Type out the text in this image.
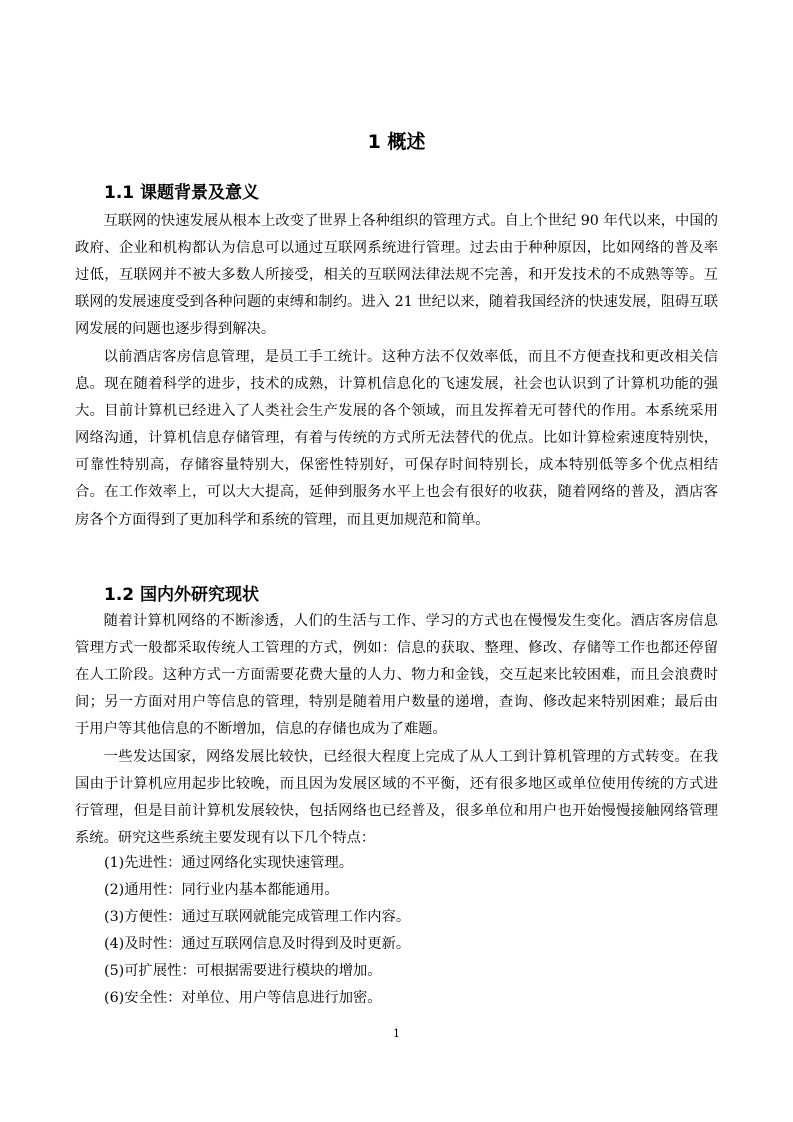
1 概述
1.1 课题背景及意义

互联网的快速发展从根本上改变了世界上各种组织的管理方式。自上个世纪 90 年代以来，中国的政府、企业和机构都认为信息可以通过互联网系统进行管理。过去由于种种原因，比如网络的普及率过低，互联网并不被大多数人所接受，相关的互联网法律法规不完善，和开发技术的不成熟等等。互联网的发展速度受到各种问题的束缚和制约。进入 21 世纪以来，随着我国经济的快速发展，阻碍互联网发展的问题也逐步得到解决。

以前酒店客房信息管理，是员工手工统计。这种方法不仅效率低，而且不方便查找和更改相关信息。现在随着科学的进步，技术的成熟，计算机信息化的飞速发展，社会也认识到了计算机功能的强大。目前计算机已经进入了人类社会生产发展的各个领域，而且发挥着无可替代的作用。本系统采用网络沟通，计算机信息存储管理，有着与传统的方式所无法替代的优点。比如计算检索速度特别快，可靠性特别高，存储容量特别大，保密性特别好，可保存时间特别长，成本特别低等多个优点相结合。在工作效率上，可以大大提高，延伸到服务水平上也会有很好的收获，随着网络的普及，酒店客房各个方面得到了更加科学和系统的管理，而且更加规范和简单。

1.2 国内外研究现状

随着计算机网络的不断渗透，人们的生活与工作、学习的方式也在慢慢发生变化。酒店客房信息管理方式一般都采取传统人工管理的方式，例如：信息的获取、整理、修改、存储等工作也都还停留在人工阶段。这种方式一方面需要花费大量的人力、物力和金钱，交互起来比较困难，而且会浪费时间；另一方面对用户等信息的管理，特别是随着用户数量的递增，查询、修改起来特别困难；最后由于用户等其他信息的不断增加，信息的存储也成为了难题。

一些发达国家，网络发展比较快，已经很大程度上完成了从人工到计算机管理的方式转变。在我国由于计算机应用起步比较晚，而且因为发展区域的不平衡，还有很多地区或单位使用传统的方式进行管理，但是目前计算机发展较快，包括网络也已经普及，很多单位和用户也开始慢慢接触网络管理系统。研究这些系统主要发现有以下几个特点：

(1)先进性：通过网络化实现快速管理。

(2)通用性：同行业内基本都能通用。

(3)方便性：通过互联网就能完成管理工作内容。

(4)及时性：通过互联网信息及时得到及时更新。

(5)可扩展性：可根据需要进行模块的增加。

(6)安全性：对单位、用户等信息进行加密。

1
